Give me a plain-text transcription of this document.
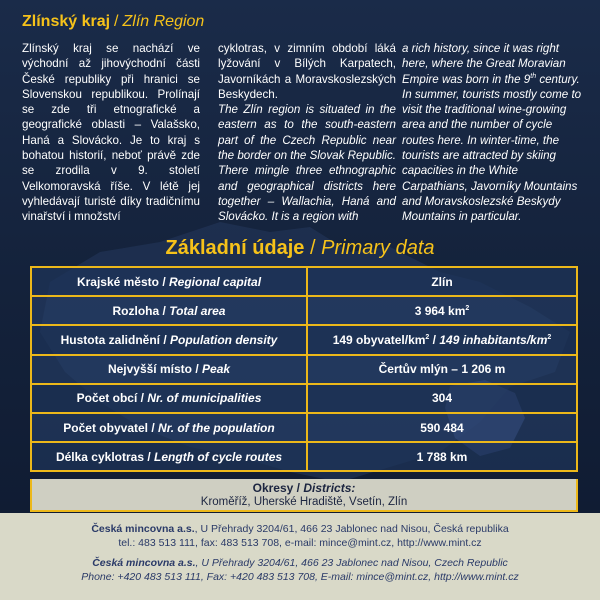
Zlínský kraj / Zlín Region

Zlínský kraj se nachází ve východní až jihovýchodní části České republiky při hranici se Slovenskou republikou. Prolínají se zde tři etnografické a geografické oblasti – Valašsko, Haná a Slovácko. Je to kraj s bohatou historií, neboť právě zde se zrodila v 9. století Velkomoravská říše. V létě jej vyhledávají turisté díky tradičnímu vinařství i množství

cyklotras, v zimním období láká lyžování v Bílých Karpatech, Javorníkách a Moravskoslezských Beskydech.

The Zlín region is situated in the eastern as to the south-eastern part of the Czech Republic near the border on the Slovak Republic. There mingle three ethnographic and geographical districts here together – Wallachia, Haná and Slovácko. It is a region with

a rich history, since it was right here, where the Great Moravian Empire was born in the 9th century. In summer, tourists mostly come to visit the traditional wine-growing area and the number of cycle routes here. In winter-time, the tourists are attracted by skiing capacities in the White Carpathians, Javorníky Mountains and Moravskoslezské Beskydy Mountains in particular.

Základní údaje / Primary data
Krajské město / Regional capital	Zlín
Rozloha / Total area	3 964 $km^2$
Hustota zalidnění / Population density	149 obyvatel/$km^2 / 149$ inhabitants/$km^2$
Nejvyšší místo / Peak	Čertův mlýn – 1 206 m
Počet obcí / Nr. of municipalities	304
Počet obyvatel / Nr. of the population	590 484
Délka cyklotras / Length of cycle routes	1 788 km
Okresy / Districts:
Kroměříž, Uherské Hradiště, Vsetín, Zlín
Česká mincovna a.s., U Přehrady 3204/61, 466 23 Jablonec nad Nisou, Česká republika
tel.: 483 513 111, fax: 483 513 708, e-mail: mince@mint.cz, http://www.mint.cz
Česká mincovna a.s., U Přehrady 3204/61, 466 23 Jablonec nad Nisou, Czech Republic
Phone: +420 483 513 111, Fax: +420 483 513 708, E-mail: mince@mint.cz, http://www.mint.cz
